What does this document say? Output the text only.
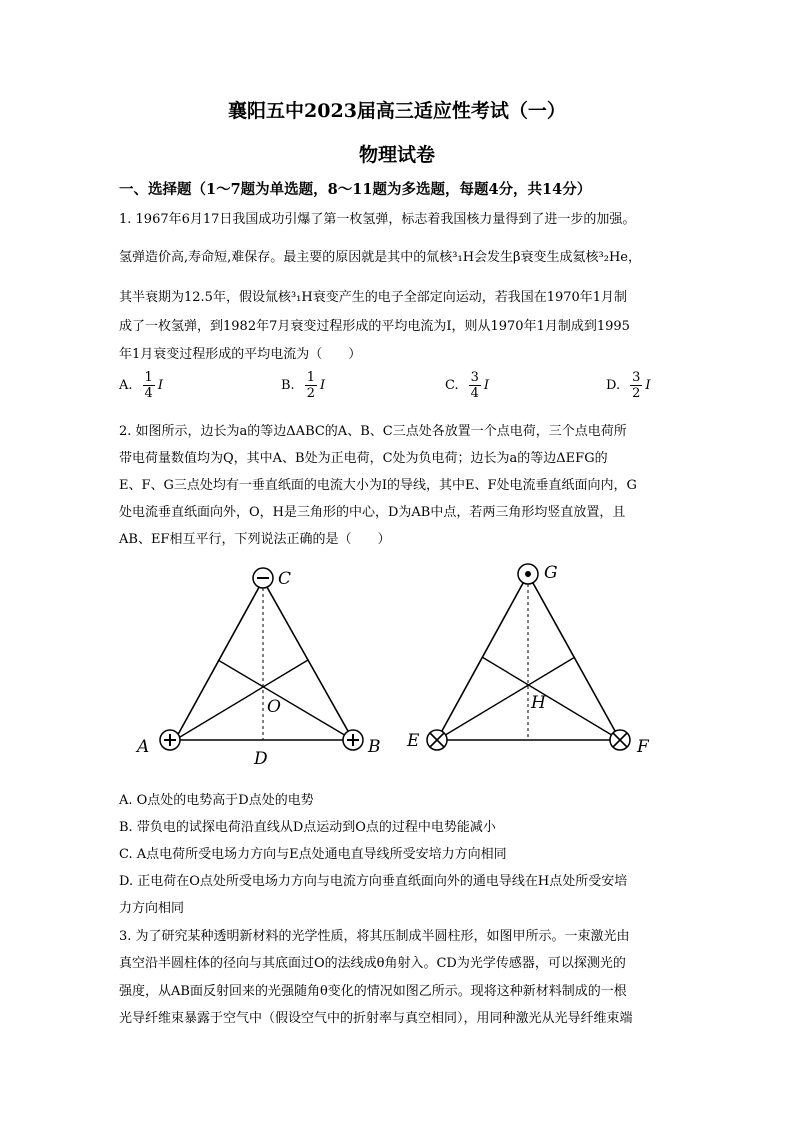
襄阳五中2023届高三适应性考试（一）
物理试卷
一、选择题（1～7题为单选题，8～11题为多选题，每题4分，共14分）
1. 1967年6月17日我国成功引爆了第一枚氢弹，标志着我国核力量得到了进一步的加强。
氢弹造价高,寿命短,难保存。最主要的原因就是其中的氚核³₁H会发生β衰变生成氦核³₂He，
其半衰期为12.5年，假设氚核³₁H衰变产生的电子全部定向运动，若我国在1970年1月制
成了一枚氢弹，到1982年7月衰变过程形成的平均电流为I，则从1970年1月制成到1995
年1月衰变过程形成的平均电流为（　　）
A. $\frac{1}{4}$ I	B. $\frac{1}{2}$ I	C. $\frac{3}{4}$ I	D. $\frac{3}{2}$ I
2. 如图所示，边长为a的等边ΔABC的A、B、C三点处各放置一个点电荷，三个点电荷所
带电荷量数值均为Q，其中A、B处为正电荷，C处为负电荷；边长为a的等边ΔEFG的
E、F、G三点处均有一垂直纸面的电流大小为I的导线，其中E、F处电流垂直纸面向内，G
处电流垂直纸面向外，O，H是三角形的中心，D为AB中点，若两三角形均竖直放置，且
AB、EF相互平行，下列说法正确的是（　　）
C
A	B
O
D
G
E	F
H
A. O点处的电势高于D点处的电势
B. 带负电的试探电荷沿直线从D点运动到O点的过程中电势能减小
C. A点电荷所受电场力方向与E点处通电直导线所受安培力方向相同
D. 正电荷在O点处所受电场力方向与电流方向垂直纸面向外的通电导线在H点处所受安培
力方向相同
3. 为了研究某种透明新材料的光学性质，将其压制成半圆柱形，如图甲所示。一束激光由
真空沿半圆柱体的径向与其底面过O的法线成θ角射入。CD为光学传感器，可以探测光的
强度，从AB面反射回来的光强随角θ变化的情况如图乙所示。现将这种新材料制成的一根
光导纤维束暴露于空气中（假设空气中的折射率与真空相同），用同种激光从光导纤维束端
